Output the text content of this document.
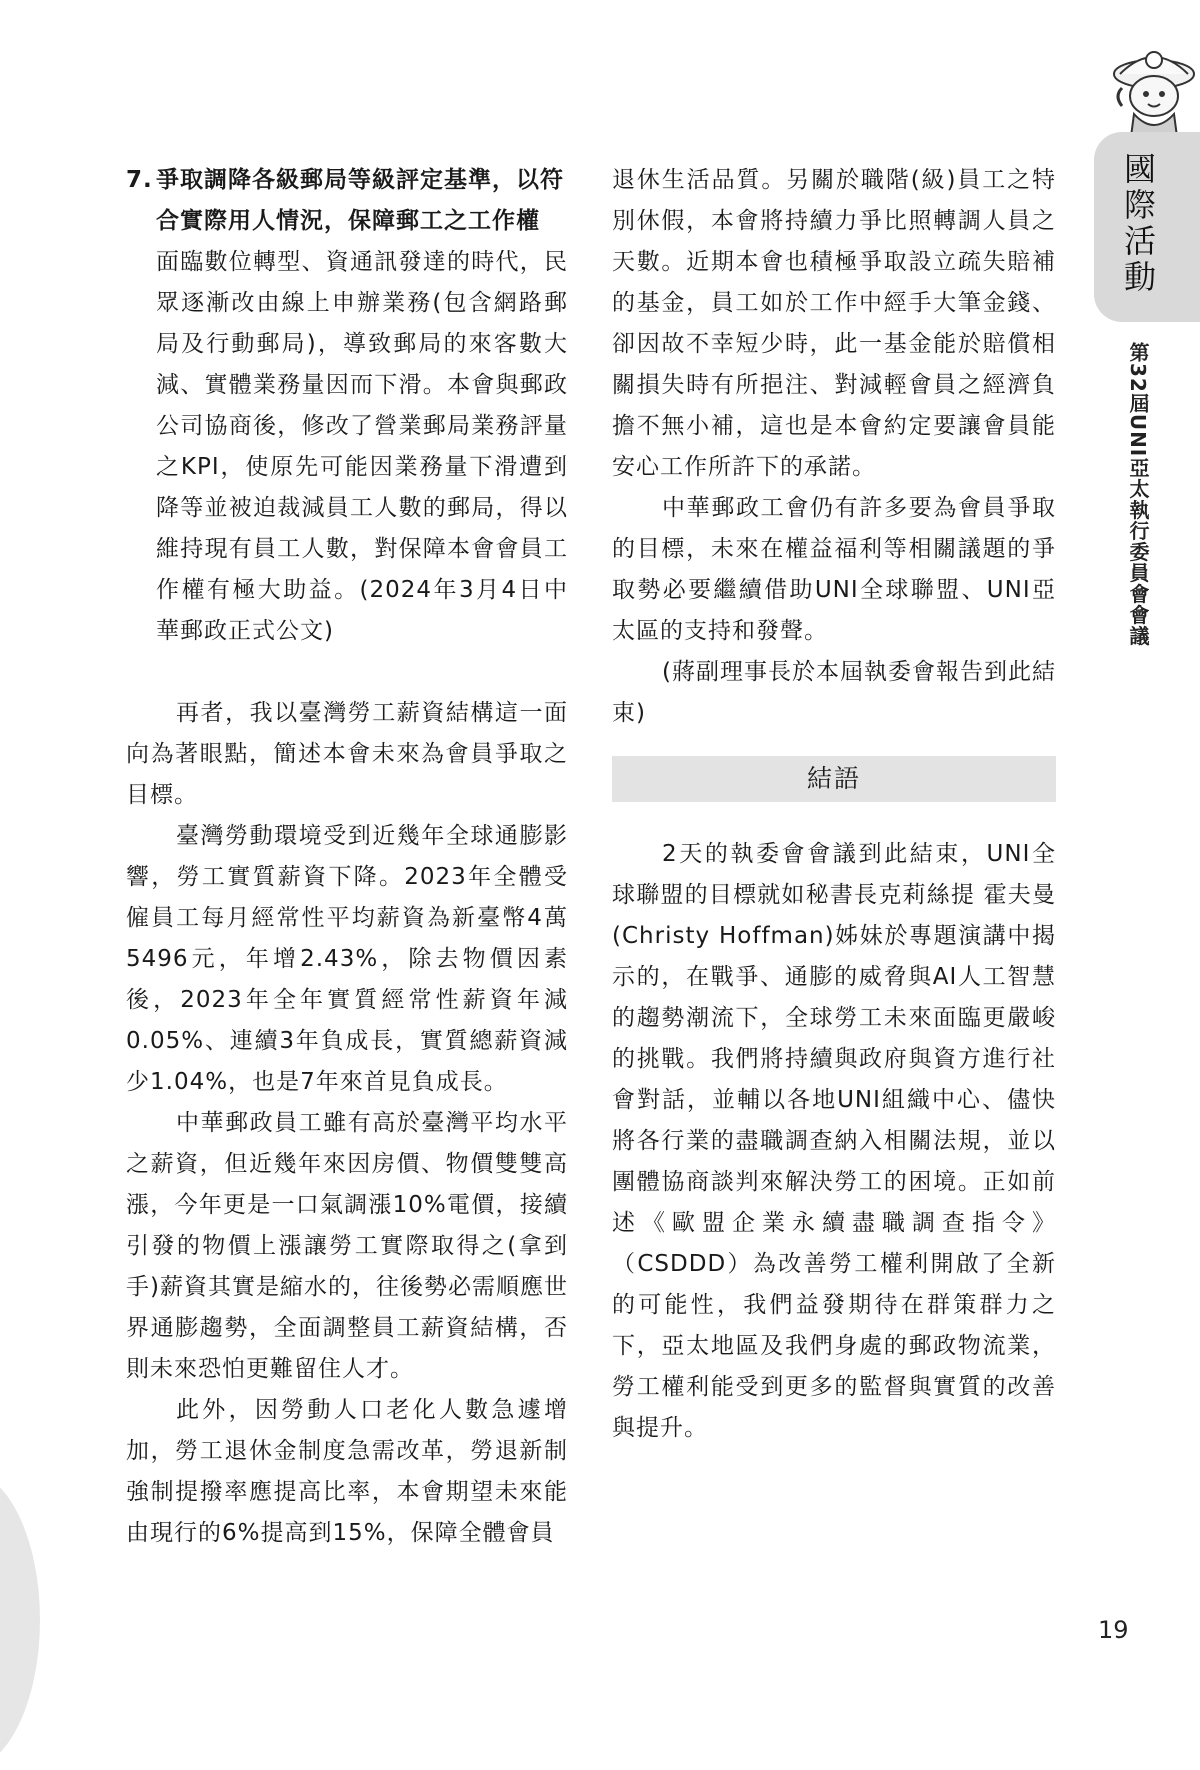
國際活動
第32屆UNI亞太執行委員會會議
7. 爭取調降各級郵局等級評定基準，以符合實際用人情況，保障郵工之工作權

面臨數位轉型、資通訊發達的時代，民眾逐漸改由線上申辦業務(包含網路郵局及行動郵局)，導致郵局的來客數大減、實體業務量因而下滑。本會與郵政公司協商後，修改了營業郵局業務評量之KPI，使原先可能因業務量下滑遭到降等並被迫裁減員工人數的郵局，得以維持現有員工人數，對保障本會會員工作權有極大助益。(2024年3月4日中華郵政正式公文)

再者，我以臺灣勞工薪資結構這一面向為著眼點，簡述本會未來為會員爭取之目標。

臺灣勞動環境受到近幾年全球通膨影響，勞工實質薪資下降。2023年全體受僱員工每月經常性平均薪資為新臺幣4萬5496元，年增2.43%，除去物價因素後，2023年全年實質經常性薪資年減0.05%、連續3年負成長，實質總薪資減少1.04%，也是7年來首見負成長。

中華郵政員工雖有高於臺灣平均水平之薪資，但近幾年來因房價、物價雙雙高漲，今年更是一口氣調漲10%電價，接續引發的物價上漲讓勞工實際取得之(拿到手)薪資其實是縮水的，往後勢必需順應世界通膨趨勢，全面調整員工薪資結構，否則未來恐怕更難留住人才。

此外，因勞動人口老化人數急遽增加，勞工退休金制度急需改革，勞退新制強制提撥率應提高比率，本會期望未來能由現行的6%提高到15%，保障全體會員

退休生活品質。另關於職階(級)員工之特別休假，本會將持續力爭比照轉調人員之天數。近期本會也積極爭取設立疏失賠補的基金，員工如於工作中經手大筆金錢、卻因故不幸短少時，此一基金能於賠償相關損失時有所挹注、對減輕會員之經濟負擔不無小補，這也是本會約定要讓會員能安心工作所許下的承諾。

中華郵政工會仍有許多要為會員爭取的目標，未來在權益福利等相關議題的爭取勢必要繼續借助UNI全球聯盟、UNI亞太區的支持和發聲。

(蔣副理事長於本屆執委會報告到此結束)

結語

2天的執委會會議到此結束，UNI全球聯盟的目標就如秘書長克莉絲提 霍夫曼(Christy Hoffman)姊妹於專題演講中揭示的，在戰爭、通膨的威脅與AI人工智慧的趨勢潮流下，全球勞工未來面臨更嚴峻的挑戰。我們將持續與政府與資方進行社會對話，並輔以各地UNI組織中心、儘快將各行業的盡職調查納入相關法規，並以團體協商談判來解決勞工的困境。正如前述《歐盟企業永續盡職調查指令》（CSDDD）為改善勞工權利開啟了全新的可能性，我們益發期待在群策群力之下，亞太地區及我們身處的郵政物流業，勞工權利能受到更多的監督與實質的改善與提升。

19
